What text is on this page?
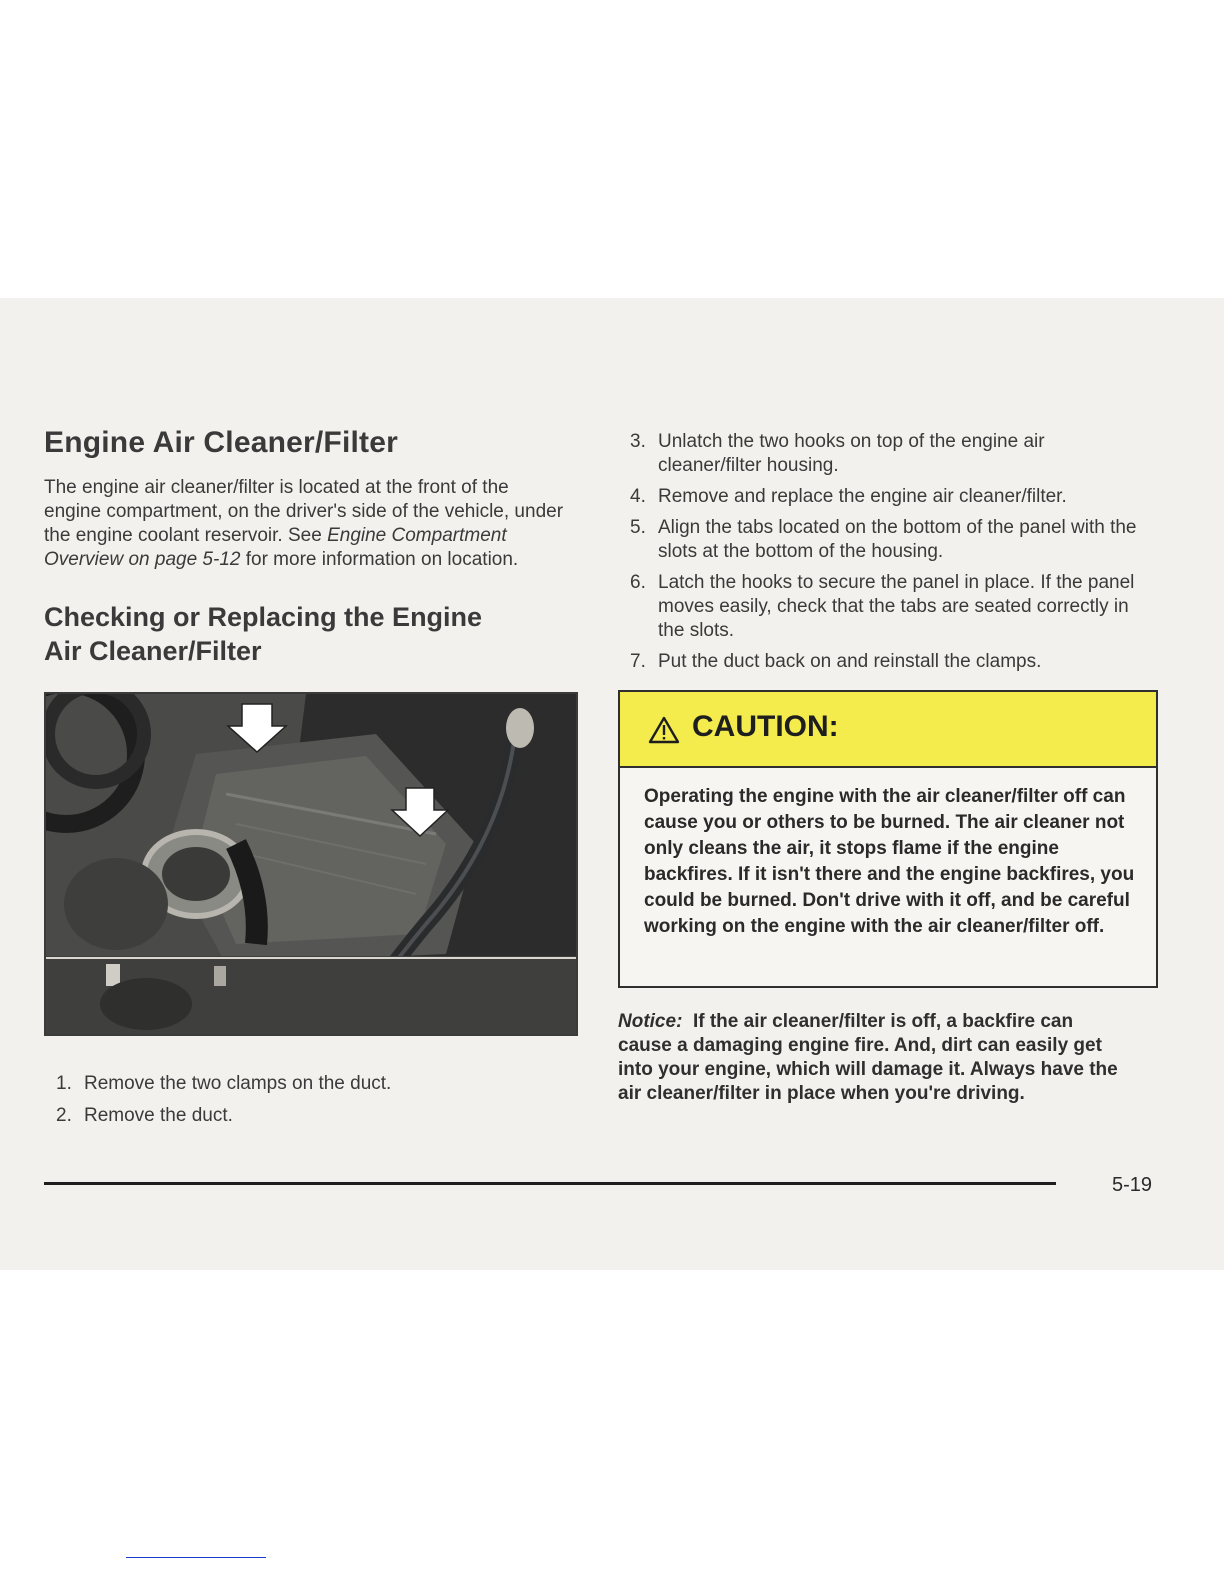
Engine Air Cleaner/Filter
The engine air cleaner/filter is located at the front of the engine compartment, on the driver's side of the vehicle, under the engine coolant reservoir. See Engine Compartment Overview on page 5-12 for more information on location.
Checking or Replacing the Engine
Air Cleaner/Filter
1. Remove the two clamps on the duct.
2. Remove the duct.
3. Unlatch the two hooks on top of the engine air cleaner/filter housing.
4. Remove and replace the engine air cleaner/filter.
5. Align the tabs located on the bottom of the panel with the slots at the bottom of the housing.
6. Latch the hooks to secure the panel in place. If the panel moves easily, check that the tabs are seated correctly in the slots.
7. Put the duct back on and reinstall the clamps.
CAUTION:
Operating the engine with the air cleaner/filter off can cause you or others to be burned. The air cleaner not only cleans the air, it stops flame if the engine backfires. If it isn't there and the engine backfires, you could be burned. Don't drive with it off, and be careful working on the engine with the air cleaner/filter off.
Notice: If the air cleaner/filter is off, a backfire can cause a damaging engine fire. And, dirt can easily get into your engine, which will damage it. Always have the air cleaner/filter in place when you're driving.
5-19
